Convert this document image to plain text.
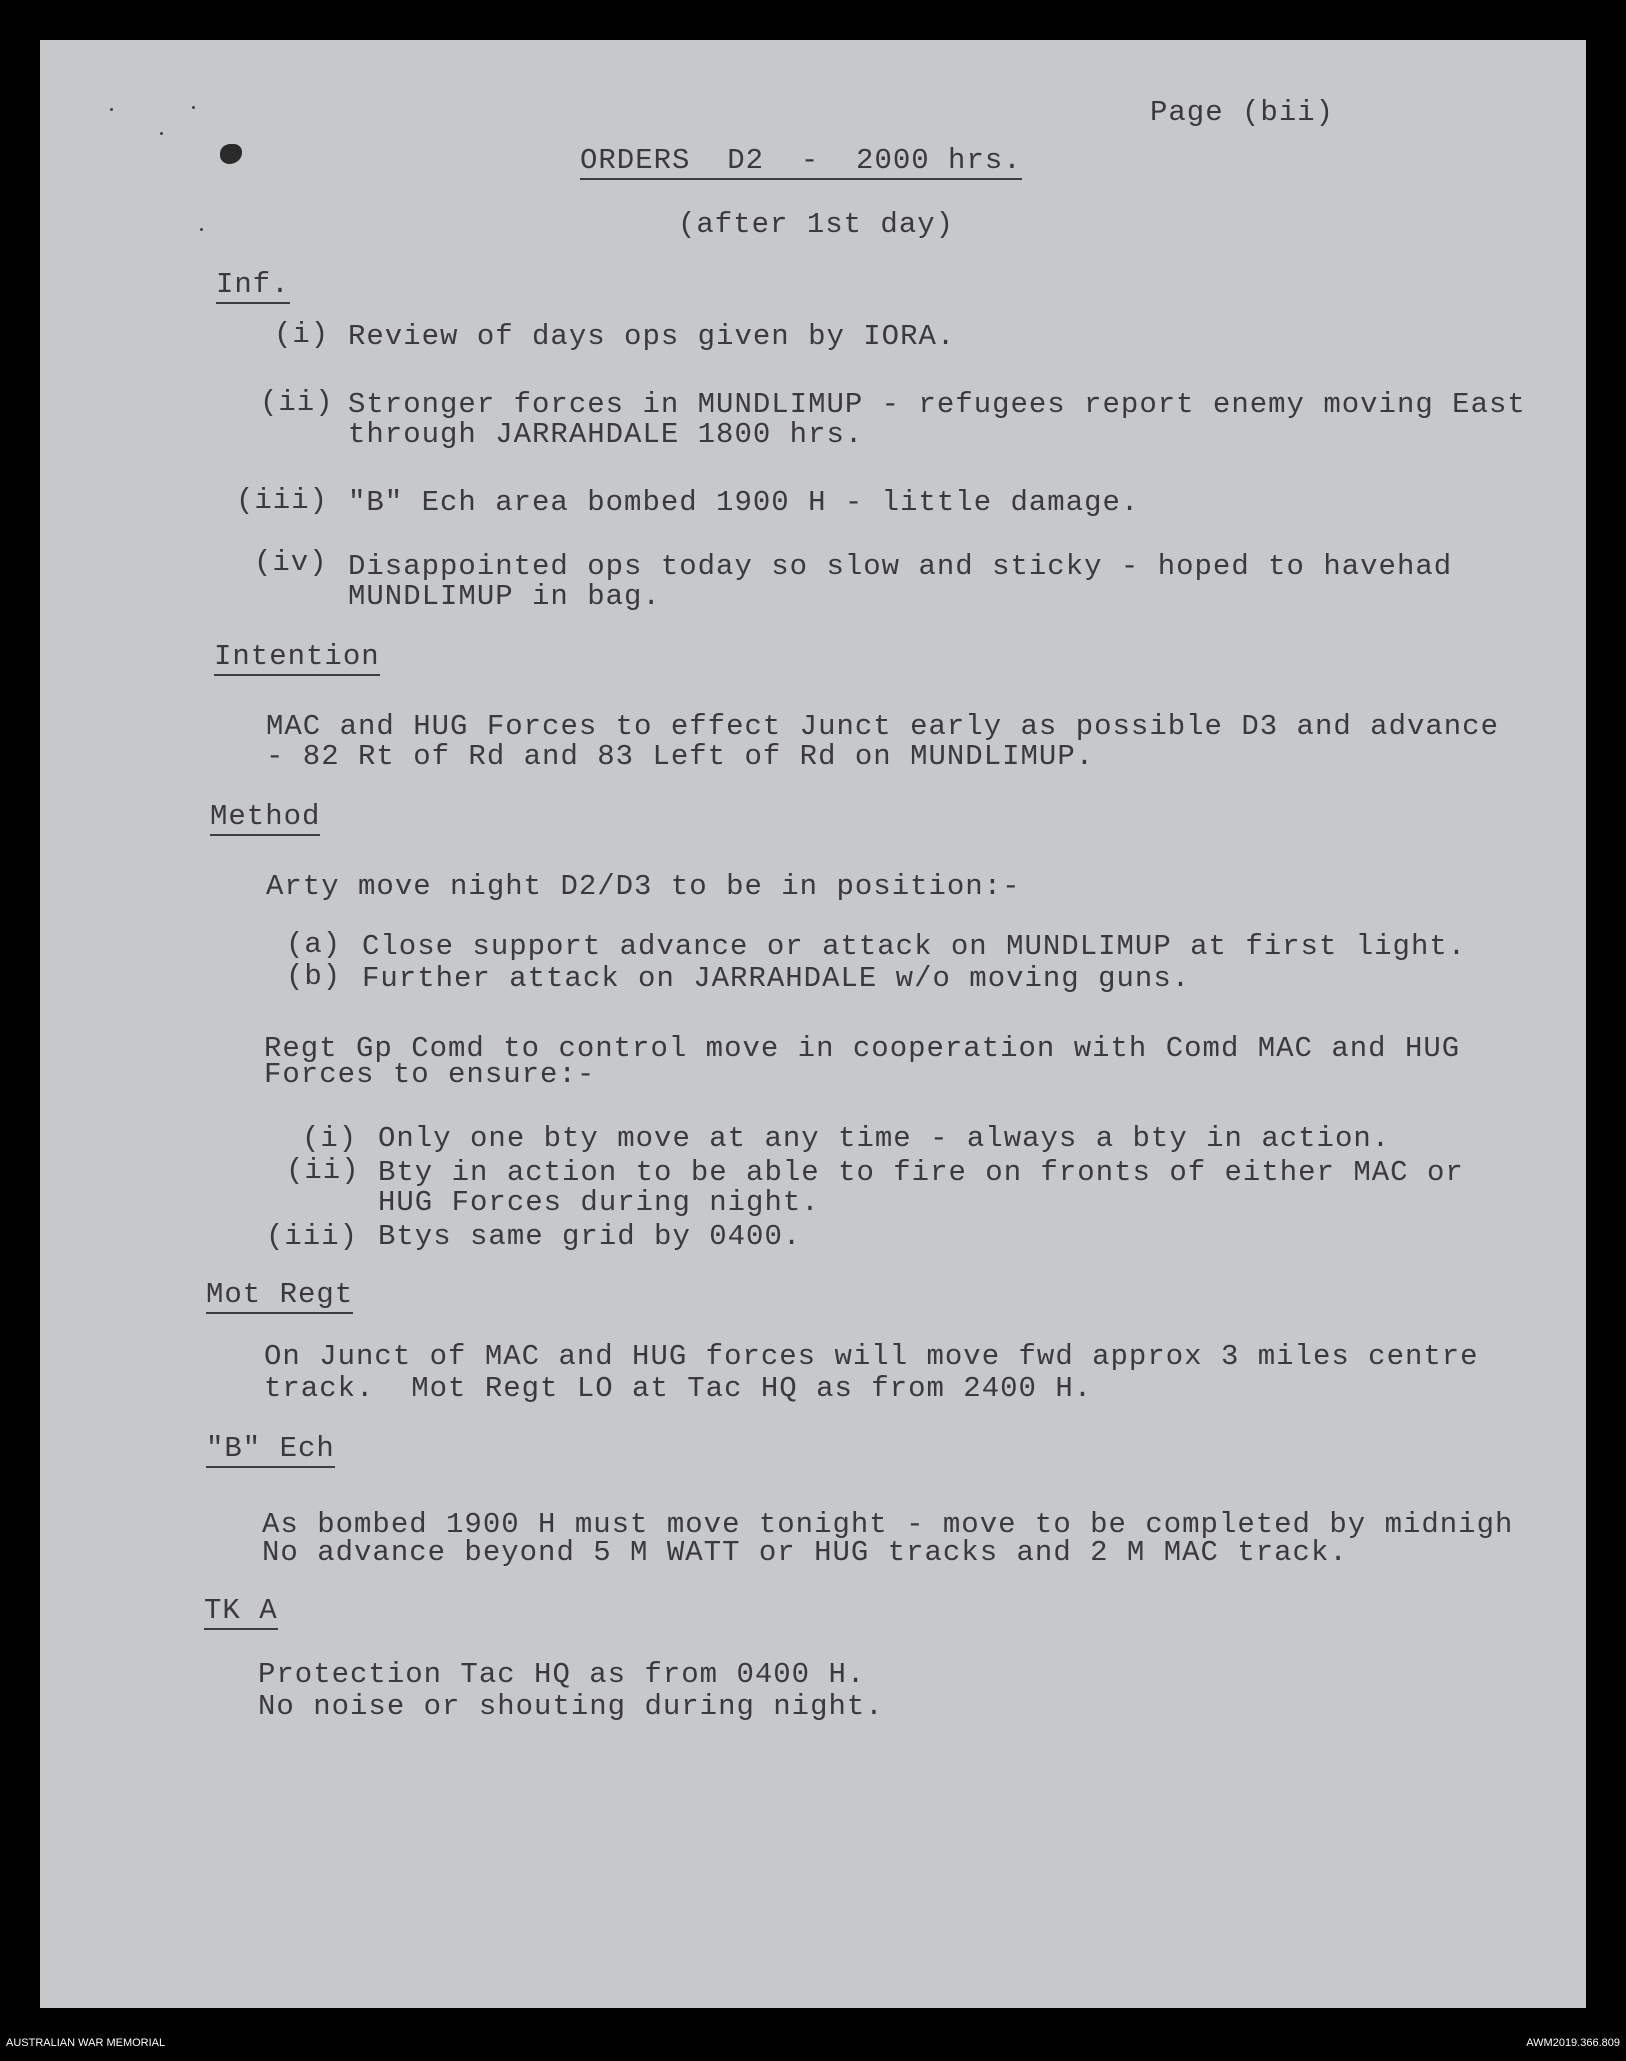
Page (bii)
ORDERS  D2  -  2000 hrs.
(after 1st day)
Inf.
(i) Review of days ops given by IORA.
(ii) Stronger forces in MUNDLIMUP - refugees report enemy moving East
through JARRAHDALE 1800 hrs.
(iii) "B" Ech area bombed 1900 H - little damage.
(iv) Disappointed ops today so slow and sticky - hoped to havehad
MUNDLIMUP in bag.
Intention
MAC and HUG Forces to effect Junct early as possible D3 and advance
- 82 Rt of Rd and 83 Left of Rd on MUNDLIMUP.
Method
Arty move night D2/D3 to be in position:-
(a) Close support advance or attack on MUNDLIMUP at first light.
(b) Further attack on JARRAHDALE w/o moving guns.
Regt Gp Comd to control move in cooperation with Comd MAC and HUG
Forces to ensure:-
(i) Only one bty move at any time - always a bty in action.
(ii) Bty in action to be able to fire on fronts of either MAC or
HUG Forces during night.
(iii) Btys same grid by 0400.
Mot Regt
On Junct of MAC and HUG forces will move fwd approx 3 miles centre
track.  Mot Regt LO at Tac HQ as from 2400 H.
"B" Ech
As bombed 1900 H must move tonight - move to be completed by midnigh
No advance beyond 5 M WATT or HUG tracks and 2 M MAC track.
TK A
Protection Tac HQ as from 0400 H.
No noise or shouting during night.
AUSTRALIAN WAR MEMORIAL	AWM2019.366.809
